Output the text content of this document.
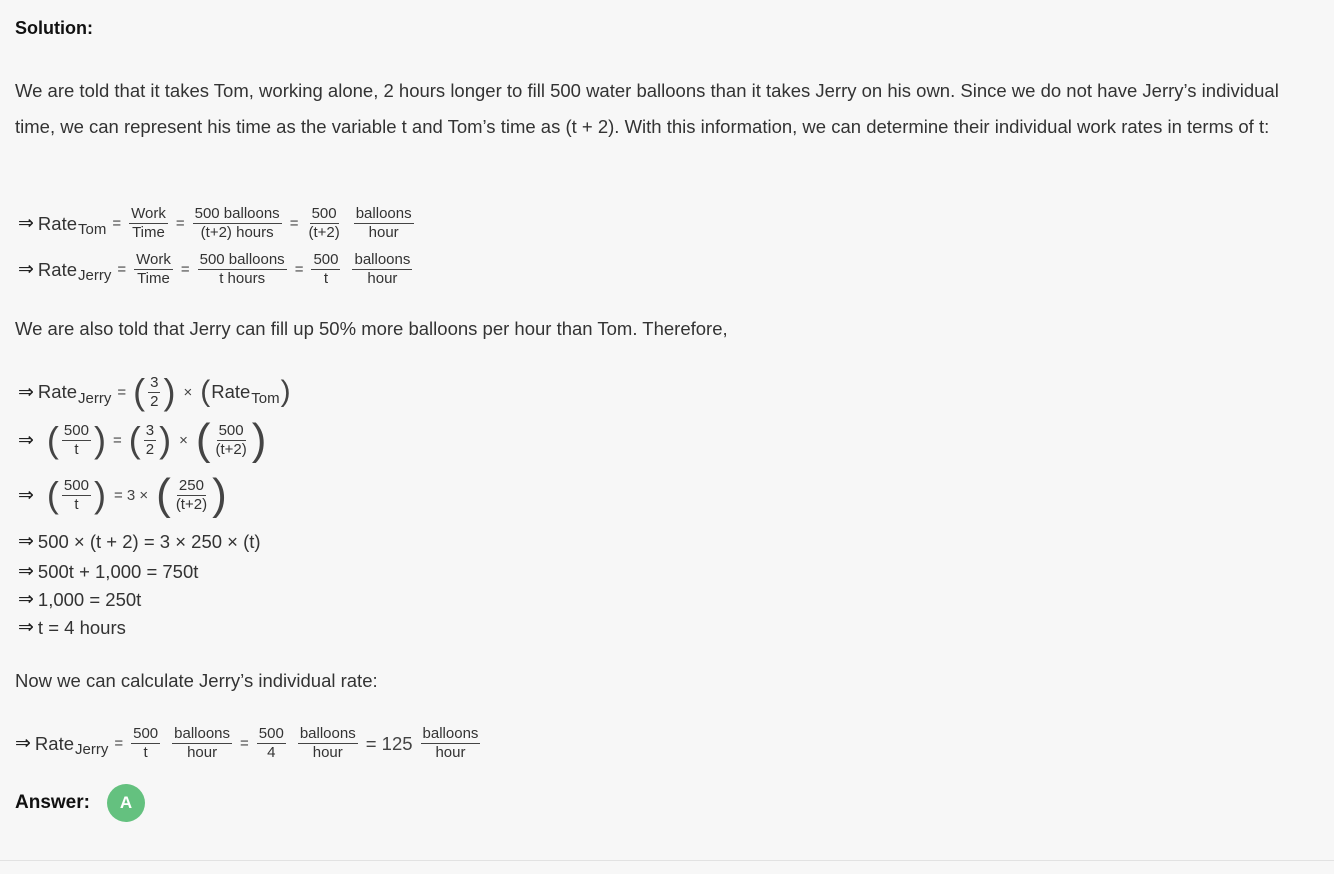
Solution:
We are told that it takes Tom, working alone, 2 hours longer to fill 500 water balloons than it takes Jerry on his own. Since we do not have Jerry’s individual time, we can represent his time as the variable t and Tom’s time as (t + 2). With this information, we can determine their individual work rates in terms of t:
⇒ Rate Tom = $\frac{\text{Work}}{\text{Time}} = \frac{\text{500 balloons}}{\text{(t+2) hours}} = \frac{500}{(t+2)} \frac{\text{balloons}}{\text{hour}}$
⇒ Rate Jerry = $\frac{\text{Work}}{\text{Time}} = \frac{\text{500 balloons}}{\text{t hours}} = \frac{500}{t} \frac{\text{balloons}}{\text{hour}}$
We are also told that Jerry can fill up 50% more balloons per hour than Tom. Therefore,
⇒ Rate Jerry = ( $\frac{3}{2}$ ) × ( Rate Tom )
⇒ ( $\frac{500}{t}$ ) = ( $\frac{3}{2}$ ) × ( $\frac{500}{(t+2)}$ )
⇒ ( $\frac{500}{t}$ ) = 3 × ( $\frac{250}{(t+2)}$ )
⇒ 500 × (t + 2) = 3 × 250 × (t)
⇒ 500t + 1,000 = 750t
⇒ 1,000 = 250t
⇒ t = 4 hours
Now we can calculate Jerry’s individual rate:
⇒ Rate Jerry = $\frac{500}{t} \frac{\text{balloons}}{\text{hour}} = \frac{500}{4} \frac{\text{balloons}}{\text{hour}} = 125 \frac{\text{balloons}}{\text{hour}}$
Answer:	A
